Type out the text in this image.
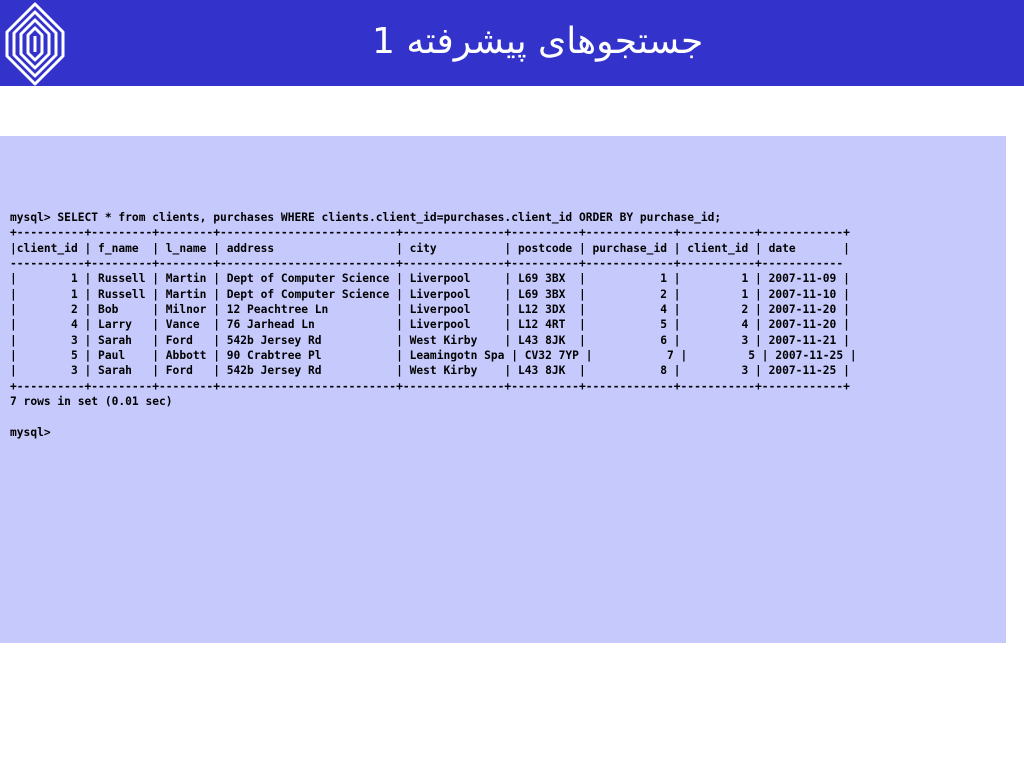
جستجوهای پیشرفته 1
mysql> SELECT * from clients, purchases WHERE clients.client_id=purchases.client_id ORDER BY purchase_id;
+----------+---------+--------+--------------------------+---------------+----------+-------------+-----------+------------+
|client_id | f_name  | l_name | address                  | city          | postcode | purchase_id | client_id | date       |
-----------+---------+--------+--------------------------+---------------+----------+-------------+-----------+------------
|        1 | Russell | Martin | Dept of Computer Science | Liverpool     | L69 3BX  |           1 |         1 | 2007-11-09 |
|        1 | Russell | Martin | Dept of Computer Science | Liverpool     | L69 3BX  |           2 |         1 | 2007-11-10 |
|        2 | Bob     | Milnor | 12 Peachtree Ln          | Liverpool     | L12 3DX  |           4 |         2 | 2007-11-20 |
|        4 | Larry   | Vance  | 76 Jarhead Ln            | Liverpool     | L12 4RT  |           5 |         4 | 2007-11-20 |
|        3 | Sarah   | Ford   | 542b Jersey Rd           | West Kirby    | L43 8JK  |           6 |         3 | 2007-11-21 |
|        5 | Paul    | Abbott | 90 Crabtree Pl           | Leamingotn Spa | CV32 7YP |           7 |         5 | 2007-11-25 |
|        3 | Sarah   | Ford   | 542b Jersey Rd           | West Kirby    | L43 8JK  |           8 |         3 | 2007-11-25 |
+----------+---------+--------+--------------------------+---------------+----------+-------------+-----------+------------+
7 rows in set (0.01 sec)
mysql>
